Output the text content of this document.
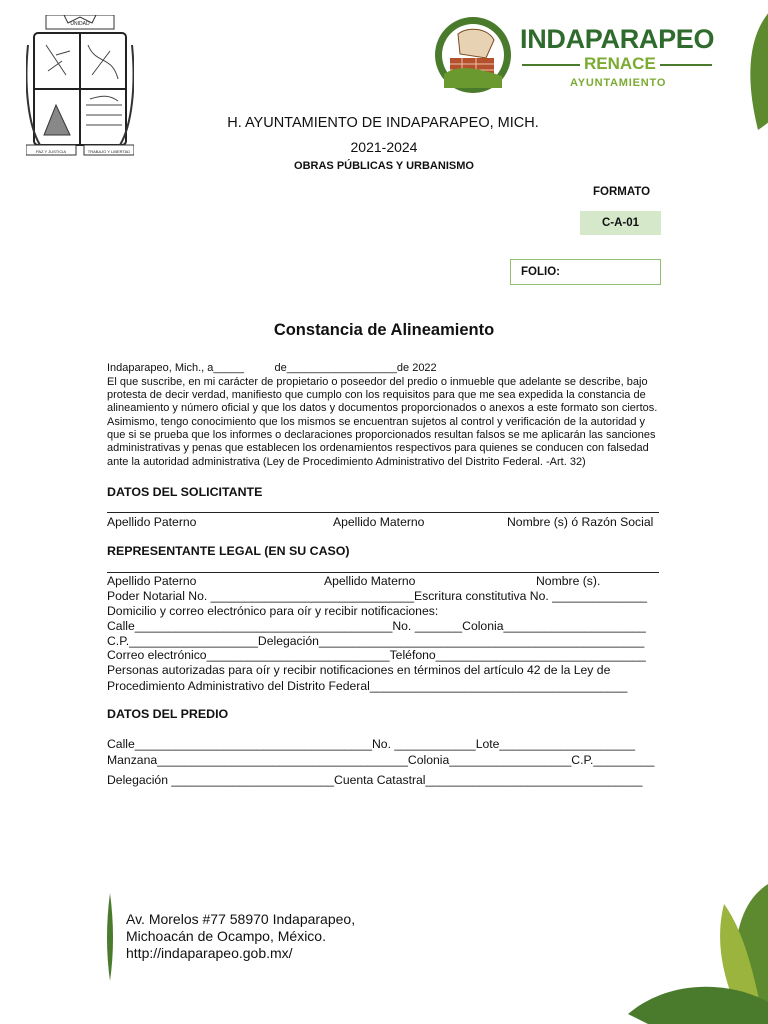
UNIDAD
PAZ Y JUSTICIA	TRABAJO Y LIBERTAD
INDAPARAPEO
RENACE
AYUNTAMIENTO
H. AYUNTAMIENTO DE INDAPARAPEO, MICH.
2021-2024
OBRAS PÚBLICAS Y URBANISMO
FORMATO
C-A-01
FOLIO:
Constancia de Alineamiento
Indaparapeo, Mich., a_____          de__________________de 2022
El que suscribe, en mi carácter de propietario o poseedor del predio o inmueble que adelante se describe, bajo
protesta de decir verdad, manifiesto que cumplo con los requisitos para que me sea expedida la constancia de
alineamiento y número oficial y que los datos y documentos proporcionados o anexos a este formato son ciertos.
Asimismo, tengo conocimiento que los mismos se encuentran sujetos al control y verificación de la autoridad y
que si se prueba que los informes o declaraciones proporcionados resultan falsos se me aplicarán las sanciones
administrativas y penas que establecen los ordenamientos respectivos para quienes se conducen con falsedad
ante la autoridad administrativa (Ley de Procedimiento Administrativo del Distrito Federal. -Art. 32)
DATOS DEL SOLICITANTE
Apellido Paterno	Apellido Materno	Nombre (s) ó Razón Social
REPRESENTANTE LEGAL (EN SU CASO)
Apellido Paterno	Apellido Materno	Nombre (s).
Poder Notarial No. ______________________________Escritura constitutiva No. ______________
Domicilio y correo electrónico para oír y recibir notificaciones:
Calle______________________________________No. _______Colonia_____________________
C.P.___________________Delegación________________________________________________
Correo electrónico___________________________Teléfono_______________________________
Personas autorizadas para oír y recibir notificaciones en términos del artículo 42 de la Ley de
Procedimiento Administrativo del Distrito Federal______________________________________
DATOS DEL PREDIO
Calle___________________________________No. ____________Lote____________________
Manzana_____________________________________Colonia__________________C.P._________
Delegación ________________________Cuenta Catastral________________________________
Av. Morelos #77 58970 Indaparapeo,
Michoacán de Ocampo, México.
http://indaparapeo.gob.mx/
